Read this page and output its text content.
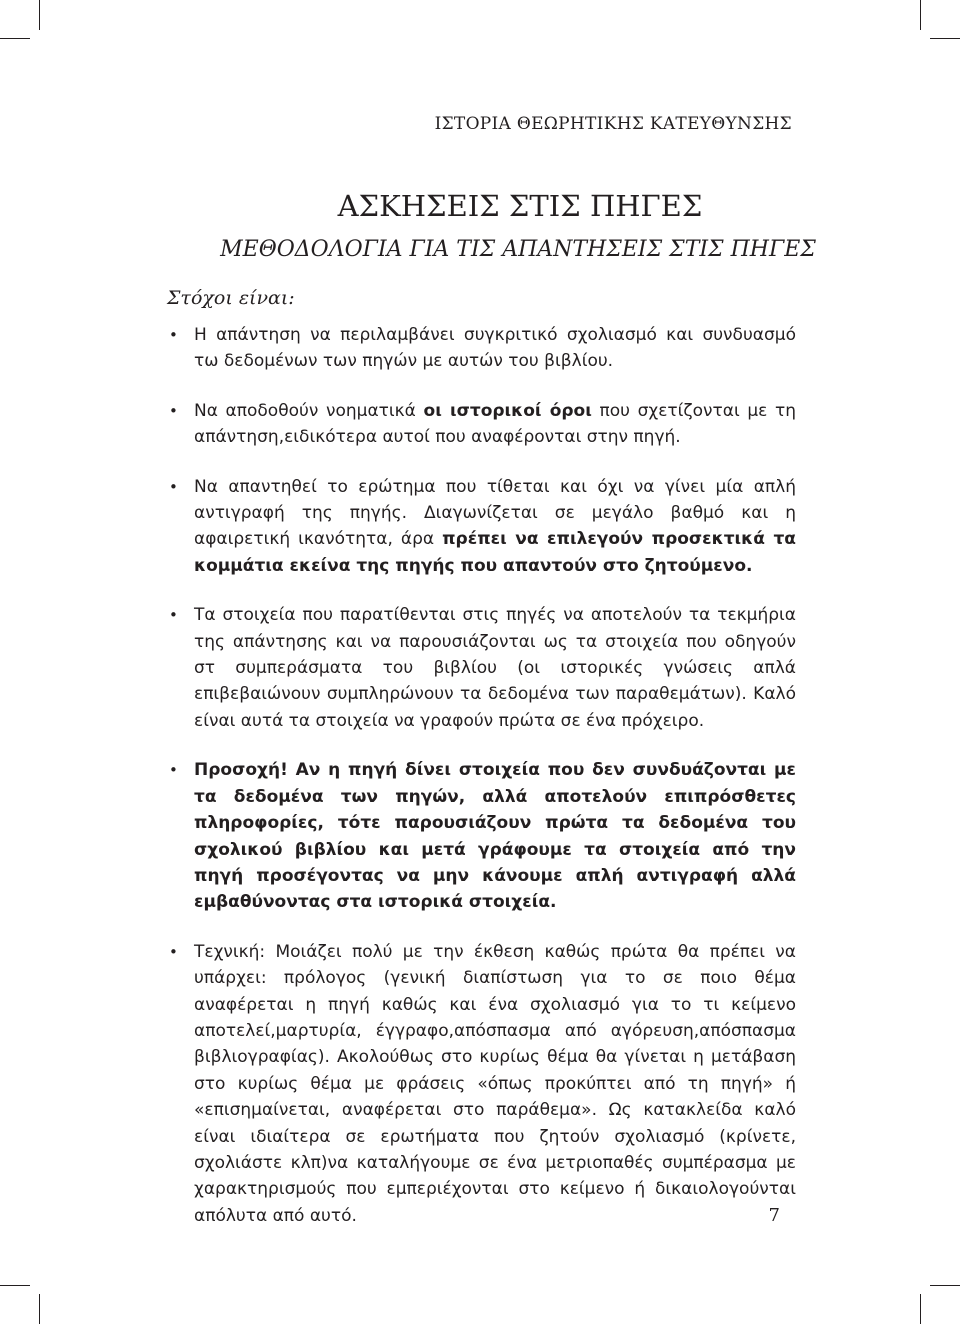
ΙΣΤΟΡΙΑ ΘΕΩΡΗΤΙΚΗΣ ΚΑΤΕΥΘΥΝΣΗΣ
ΑΣΚΗΣΕΙΣ ΣΤΙΣ ΠΗΓΕΣ

ΜΕΘΟΔΟΛΟΓΙΑ ΓΙΑ ΤΙΣ ΑΠΑΝΤΗΣΕΙΣ ΣΤΙΣ ΠΗΓΕΣ

Στόχοι είναι:
• Η απάντηση να περιλαμβάνει συγκριτικό σχολιασμό και συνδυασμό τω δεδομένων των πηγών με αυτών του βιβλίου.
• Να αποδοθούν νοηματικά οι ιστορικοί όροι που σχετίζονται με τη απάντηση,ειδικότερα αυτοί που αναφέρονται στην πηγή.
• Να απαντηθεί το ερώτημα που τίθεται και όχι να γίνει μία απλή αντιγραφή της πηγής. Διαγωνίζεται σε μεγάλο βαθμό και η αφαιρετική ικανότητα, άρα πρέπει να επιλεγούν προσεκτικά τα κομμάτια εκείνα της πηγής που απαντούν στο ζητούμενο.
• Τα στοιχεία που παρατίθενται στις πηγές να αποτελούν τα τεκμήρια της απάντησης και να παρουσιάζονται ως τα στοιχεία που οδηγούν στ συμπεράσματα του βιβλίου (οι ιστορικές γνώσεις απλά επιβεβαιώνουν συμπληρώνουν τα δεδομένα των παραθεμάτων). Καλό είναι αυτά τα στοιχεία να γραφούν πρώτα σε ένα πρόχειρο.
• Προσοχή! Αν η πηγή δίνει στοιχεία που δεν συνδυάζονται με τα δεδομένα των πηγών, αλλά αποτελούν επιπρόσθετες πληροφορίες, τότε παρουσιάζουν πρώτα τα δεδομένα του σχολικού βιβλίου και μετά γράφουμε τα στοιχεία από την πηγή προσέγοντας να μην κάνουμε απλή αντιγραφή αλλά εμβαθύνοντας στα ιστορικά στοιχεία.
• Τεχνική: Μοιάζει πολύ με την έκθεση καθώς πρώτα θα πρέπει να υπάρχει: πρόλογος (γενική διαπίστωση για το σε ποιο θέμα αναφέρεται η πηγή καθώς και ένα σχολιασμό για το τι κείμενο αποτελεί,μαρτυρία, έγγραφο,απόσπασμα από αγόρευση,απόσπασμα βιβλιογραφίας). Ακολούθως στο κυρίως θέμα θα γίνεται η μετάβαση στο κυρίως θέμα με φράσεις «όπως προκύπτει από τη πηγή» ή «επισημαίνεται, αναφέρεται στο παράθεμα». Ως κατακλείδα καλό είναι ιδιαίτερα σε ερωτήματα που ζητούν σχολιασμό (κρίνετε, σχολιάστε κλπ)να καταλήγουμε σε ένα μετριοπαθές συμπέρασμα με χαρακτηρισμούς που εμπεριέχονται στο κείμενο ή δικαιολογούνται απόλυτα από αυτό.	7
